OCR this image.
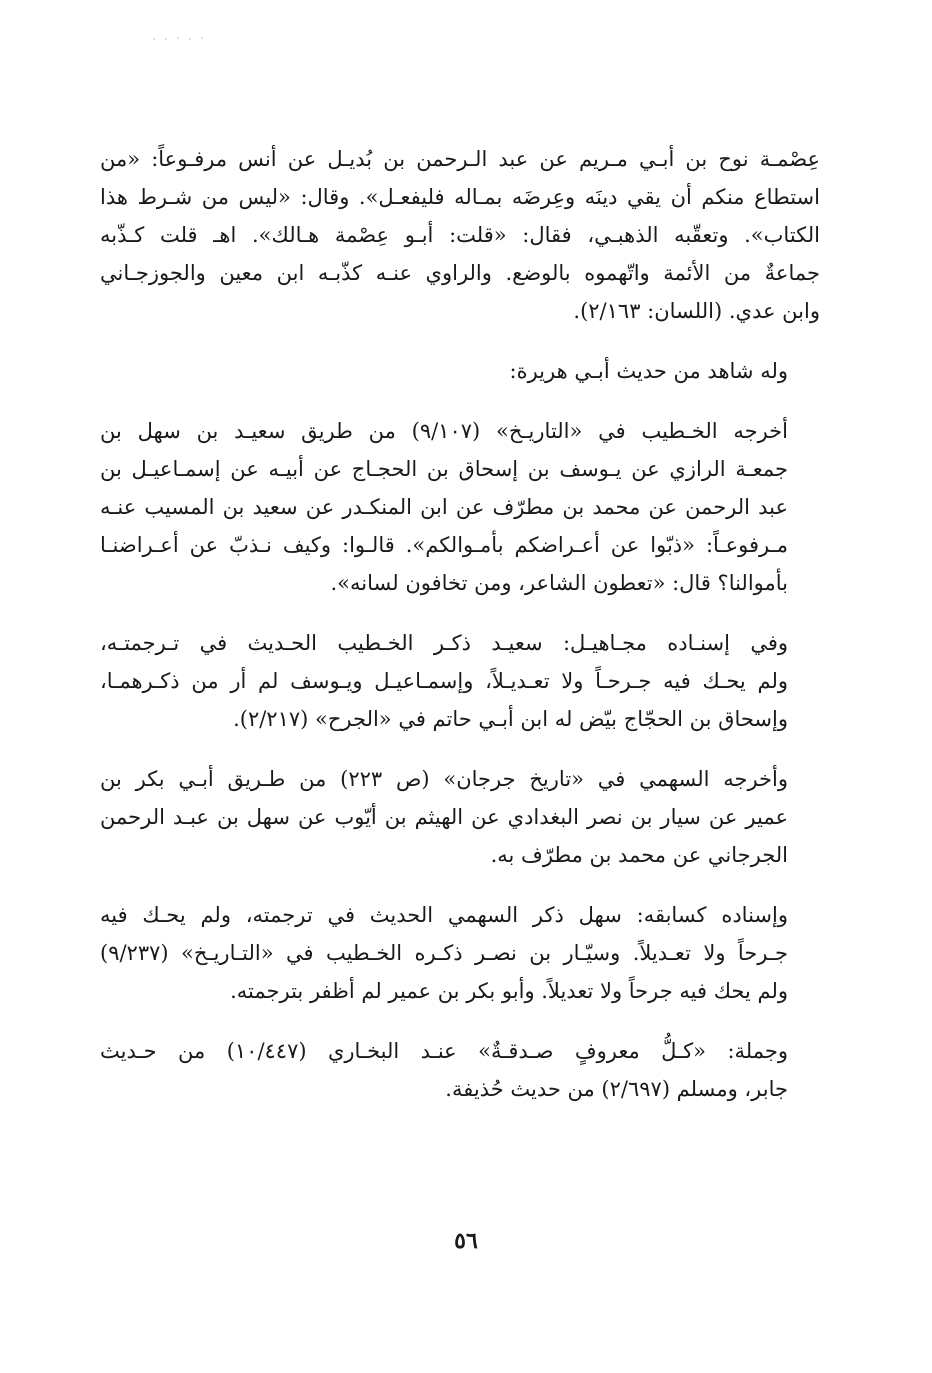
عِصْمـة نوح بن أبـي مـريم عن عبد الـرحمن بن بُديـل عن أنس مرفـوعاً: «من
استطاع منكم أن يقي دينَه وعِرضَه بمـاله فليفعـل». وقال: «ليس من شـرط هذا
الكتاب». وتعقّبه الذهبـي، فقال: «قلت: أبـو عِصْمة هـالك». اهـ قلت كـذّبه
جماعةٌ من الأئمة واتّهموه بالوضع. والراوي عنـه كذّبـه ابن معين والجوزجـاني
وابن عدي. (اللسان: ٢/١٦٣).
وله شاهد من حديث أبـي هريرة:
أخرجه الخـطيب في «التاريـخ» (٩/١٠٧) من طريق سعيـد بن سهل بن
جمعـة الرازي عن يـوسف بن إسحاق بن الحجـاج عن أبيـه عن إسمـاعيـل بن
عبد الرحمن عن محمد بن مطرّف عن ابن المنكـدر عن سعيد بن المسيب عنـه
مـرفوعـاً: «ذبّوا عن أعـراضكم بأمـوالكم». قالـوا: وكيف نـذبّ عن أعـراضنـا
بأموالنا؟ قال: «تعطون الشاعر، ومن تخافون لسانه».
وفي إسنـاده مجـاهيـل: سعيـد ذكـر الخـطيب الحـديث في تـرجمتـه،
ولم يحـك فيه جـرحـاً ولا تعـديـلاً، وإسمـاعيـل ويـوسف لم أر من ذكـرهمـا،
وإسحاق بن الحجّاج بيّض له ابن أبـي حاتم في «الجرح» (٢/٢١٧).
وأخرجه السهمي في «تاريخ جرجان» (ص ٢٢٣) من طـريق أبـي بكر بن
عمير عن سيار بن نصر البغدادي عن الهيثم بن أيّوب عن سهل بن عبـد الرحمن
الجرجاني عن محمد بن مطرّف به.
وإسناده كسابقه: سهل ذكر السهمي الحديث في ترجمته، ولم يحـك فيه
جـرحاً ولا تعـديلاً. وسيّـار بن نصـر ذكـره الخـطيب في «التـاريـخ» (٩/٢٣٧)
ولم يحك فيه جرحاً ولا تعديلاً. وأبو بكر بن عمير لم أظفر بترجمته.
وجملة: «كـلُّ معروفٍ صـدقـةٌ» عنـد البخـاري (١٠/٤٤٧) من حـديث
جابر، ومسلم (٢/٦٩٧) من حديث حُذيفة.
٥٦
